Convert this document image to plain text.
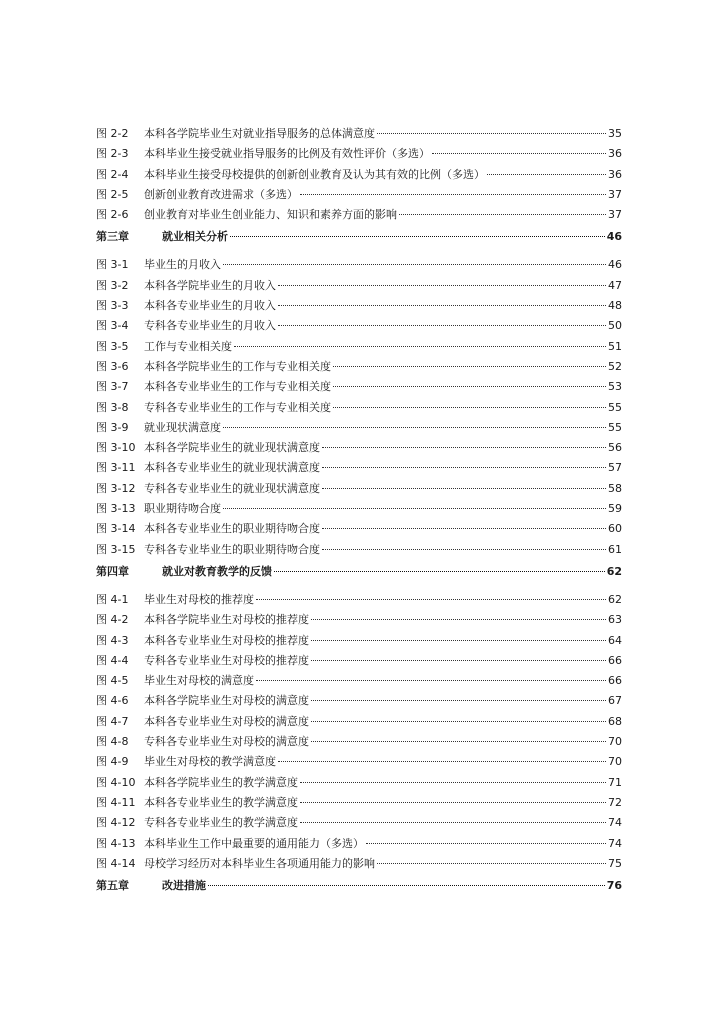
图 2-2	本科各学院毕业生对就业指导服务的总体满意度	35
图 2-3	本科毕业生接受就业指导服务的比例及有效性评价（多选）	36
图 2-4	本科毕业生接受母校提供的创新创业教育及认为其有效的比例（多选）	36
图 2-5	创新创业教育改进需求（多选）	37
图 2-6	创业教育对毕业生创业能力、知识和素养方面的影响	37
第三章	就业相关分析	46
图 3-1	毕业生的月收入	46
图 3-2	本科各学院毕业生的月收入	47
图 3-3	本科各专业毕业生的月收入	48
图 3-4	专科各专业毕业生的月收入	50
图 3-5	工作与专业相关度	51
图 3-6	本科各学院毕业生的工作与专业相关度	52
图 3-7	本科各专业毕业生的工作与专业相关度	53
图 3-8	专科各专业毕业生的工作与专业相关度	55
图 3-9	就业现状满意度	55
图 3-10 本科各学院毕业生的就业现状满意度	56
图 3-11 本科各专业毕业生的就业现状满意度	57
图 3-12 专科各专业毕业生的就业现状满意度	58
图 3-13 职业期待吻合度	59
图 3-14 本科各专业毕业生的职业期待吻合度	60
图 3-15 专科各专业毕业生的职业期待吻合度	61
第四章	就业对教育教学的反馈	62
图 4-1	毕业生对母校的推荐度	62
图 4-2	本科各学院毕业生对母校的推荐度	63
图 4-3	本科各专业毕业生对母校的推荐度	64
图 4-4	专科各专业毕业生对母校的推荐度	66
图 4-5	毕业生对母校的满意度	66
图 4-6	本科各学院毕业生对母校的满意度	67
图 4-7	本科各专业毕业生对母校的满意度	68
图 4-8	专科各专业毕业生对母校的满意度	70
图 4-9	毕业生对母校的教学满意度	70
图 4-10 本科各学院毕业生的教学满意度	71
图 4-11 本科各专业毕业生的教学满意度	72
图 4-12 专科各专业毕业生的教学满意度	74
图 4-13 本科毕业生工作中最重要的通用能力（多选）	74
图 4-14 母校学习经历对本科毕业生各项通用能力的影响	75
第五章	改进措施	76
